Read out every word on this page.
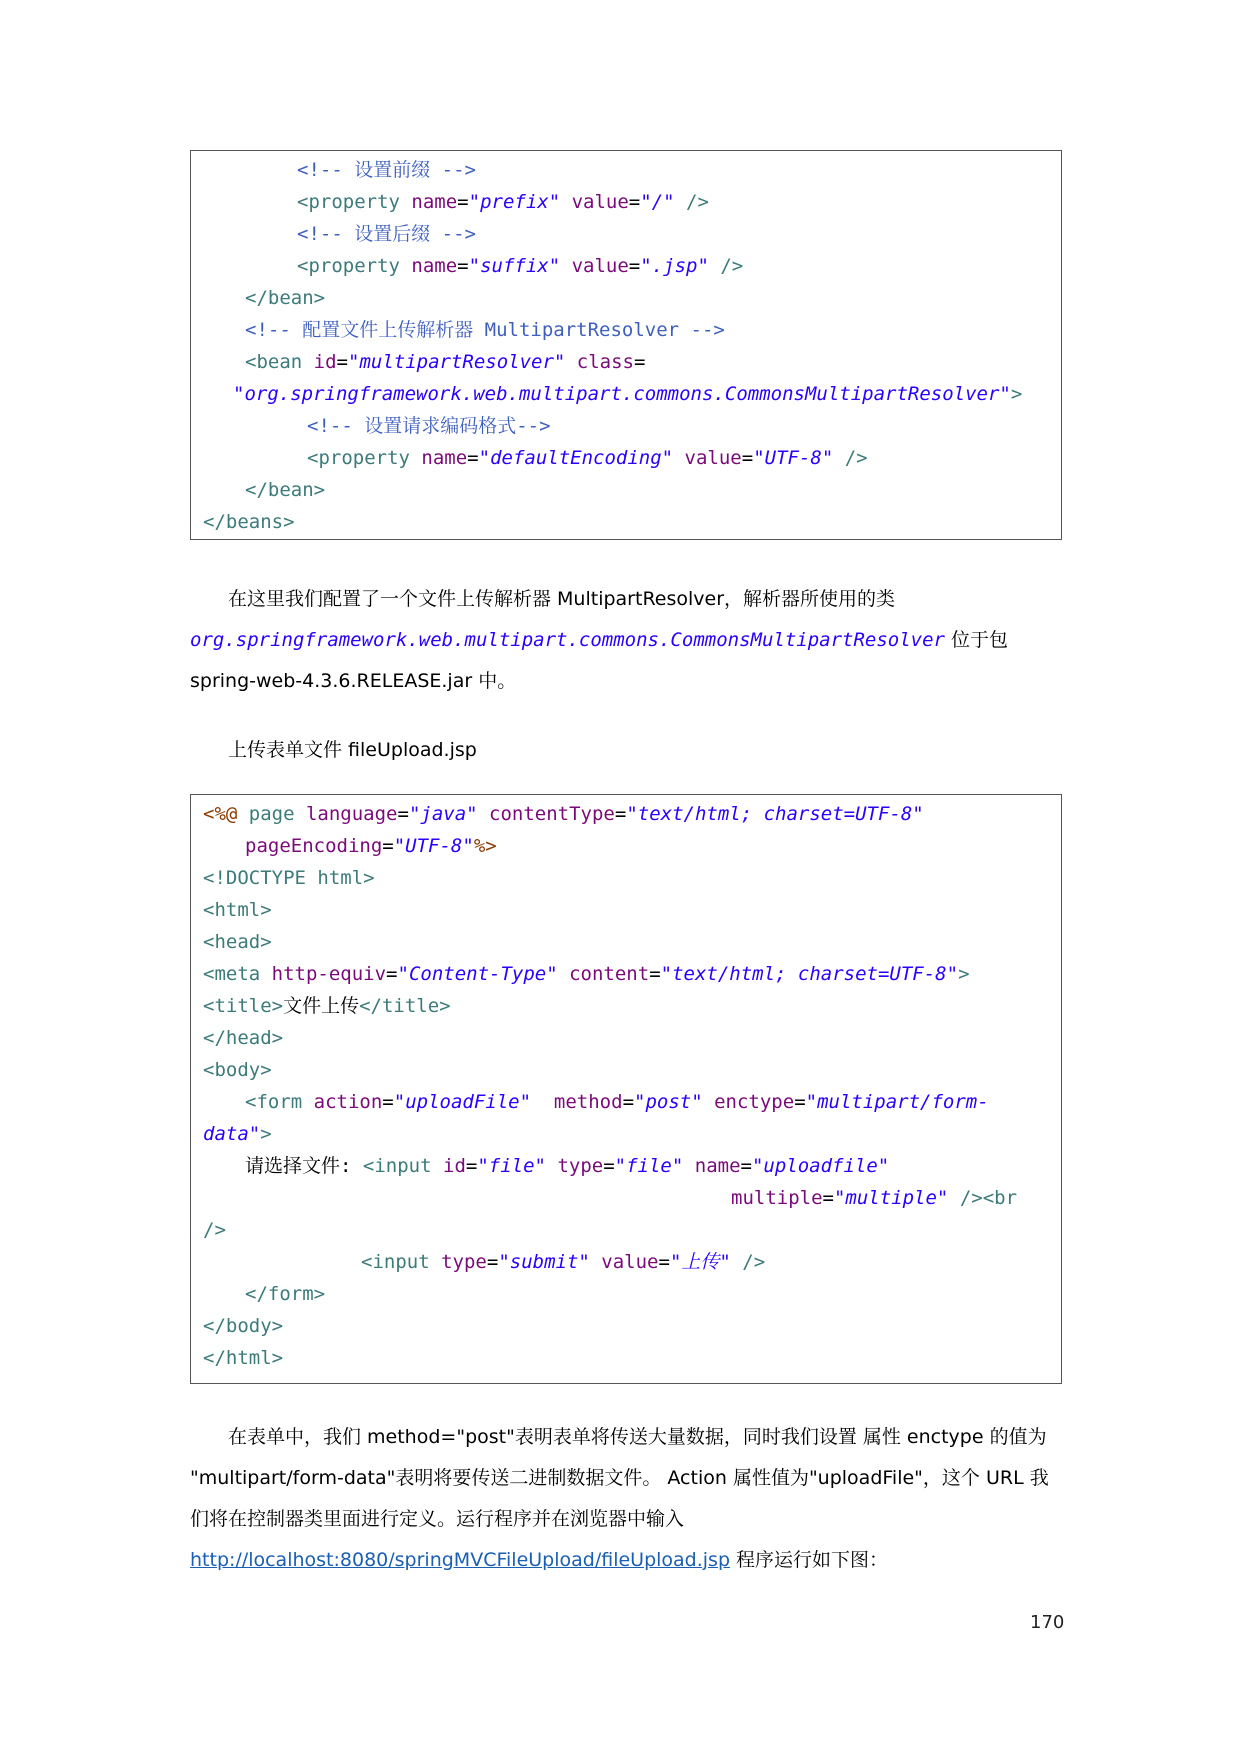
<!-- 设置前缀 -->
<property name="prefix" value="/" />
<!-- 设置后缀 -->
<property name="suffix" value=".jsp" />
</bean>
<!-- 配置文件上传解析器 MultipartResolver -->
<bean id="multipartResolver" class=
"org.springframework.web.multipart.commons.CommonsMultipartResolver">
<!-- 设置请求编码格式-->
<property name="defaultEncoding" value="UTF-8" />
</bean>
</beans>
在这里我们配置了一个文件上传解析器 MultipartResolver，解析器所使用的类
org.springframework.web.multipart.commons.CommonsMultipartResolver 位于包
spring-web-4.3.6.RELEASE.jar 中。
上传表单文件 fileUpload.jsp
<%@ page language="java" contentType="text/html; charset=UTF-8"
pageEncoding="UTF-8"%>
<!DOCTYPE html>
<html>
<head>
<meta http-equiv="Content-Type" content="text/html; charset=UTF-8">
<title>文件上传</title>
</head>
<body>
<form action="uploadFile" method="post" enctype="multipart/form-
data">
请选择文件: <input id="file" type="file" name="uploadfile"
multiple="multiple" /><br
/>
<input type="submit" value="上传" />
</form>
</body>
</html>
在表单中，我们 method="post"表明表单将传送大量数据，同时我们设置 属性 enctype 的值为
"multipart/form-data"表明将要传送二进制数据文件。 Action 属性值为"uploadFile"，这个 URL 我
们将在控制器类里面进行定义。运行程序并在浏览器中输入
http://localhost:8080/springMVCFileUpload/fileUpload.jsp 程序运行如下图：
170
